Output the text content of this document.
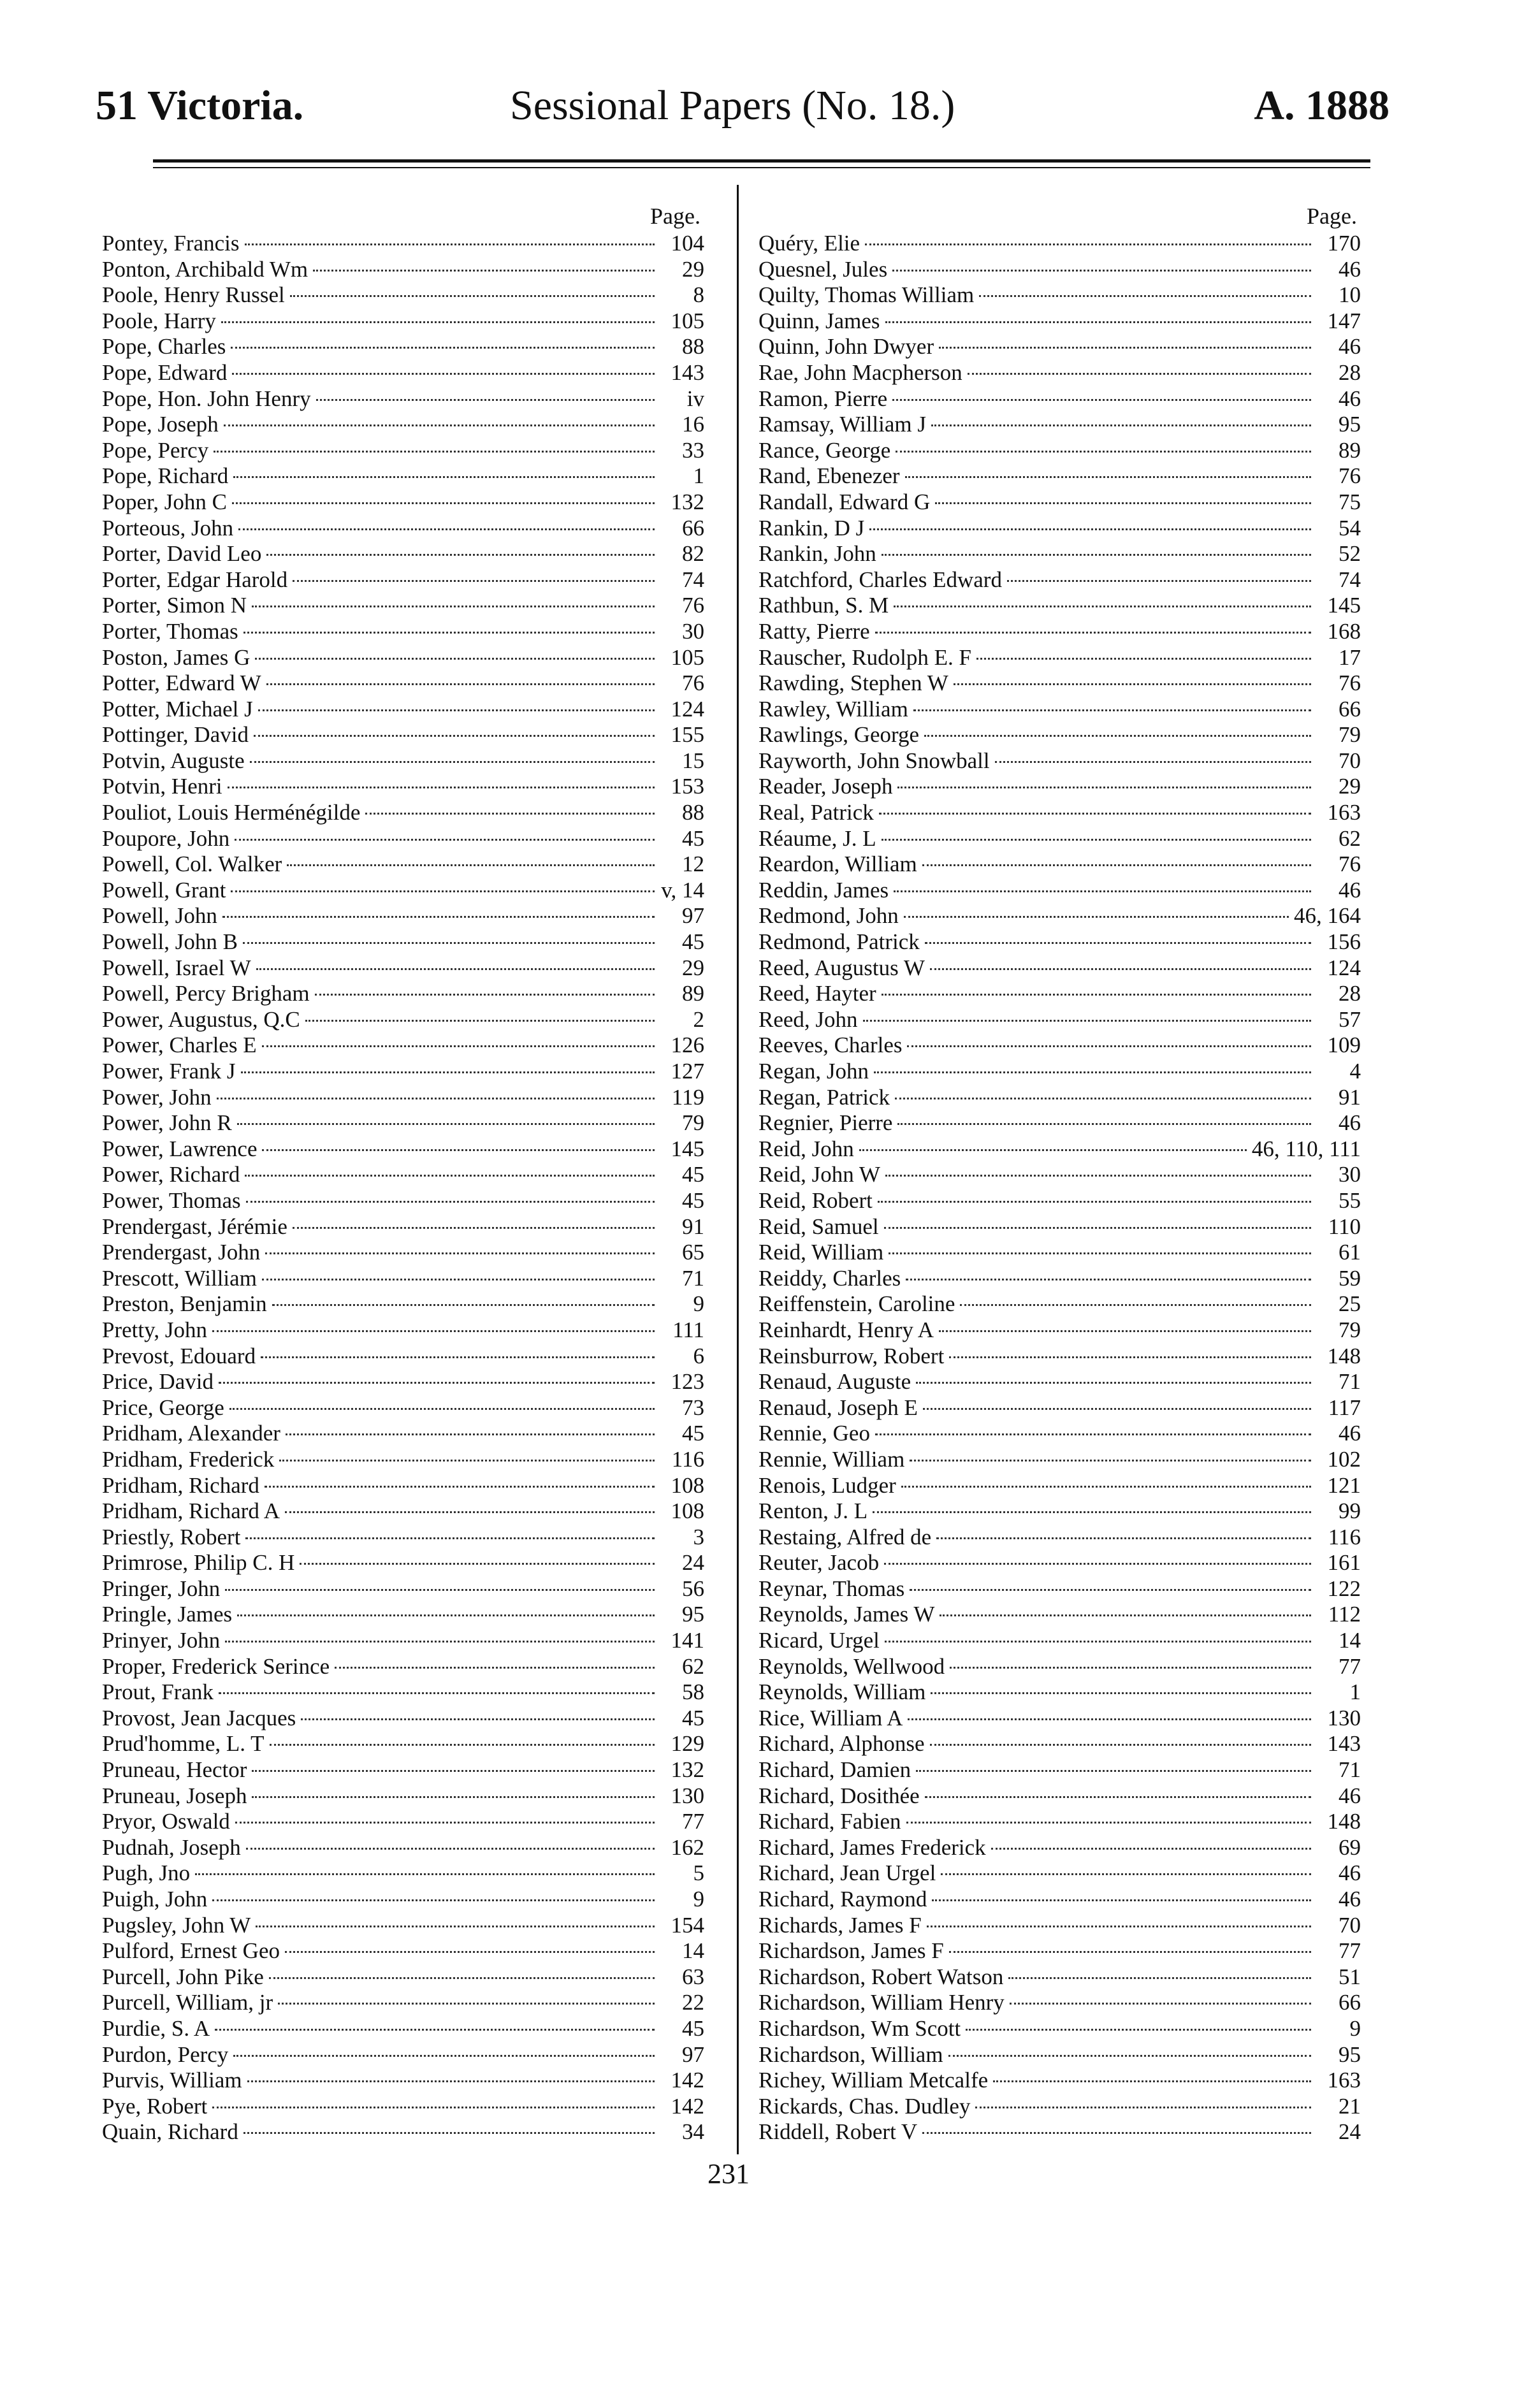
51 Victoria.	Sessional Papers (No. 18.)	A. 1888
Page.
Pontey, Francis	104
Ponton, Archibald Wm	29
Poole, Henry Russel	8
Poole, Harry	105
Pope, Charles	88
Pope, Edward	143
Pope, Hon. John Henry	iv
Pope, Joseph	16
Pope, Percy	33
Pope, Richard	1
Poper, John C	132
Porteous, John	66
Porter, David Leo	82
Porter, Edgar Harold	74
Porter, Simon N	76
Porter, Thomas	30
Poston, James G	105
Potter, Edward W	76
Potter, Michael J	124
Pottinger, David	155
Potvin, Auguste	15
Potvin, Henri	153
Pouliot, Louis Herménégilde	88
Poupore, John	45
Powell, Col. Walker	12
Powell, Grant	v, 14
Powell, John	97
Powell, John B	45
Powell, Israel W	29
Powell, Percy Brigham	89
Power, Augustus, Q.C	2
Power, Charles E	126
Power, Frank J	127
Power, John	119
Power, John R	79
Power, Lawrence	145
Power, Richard	45
Power, Thomas	45
Prendergast, Jérémie	91
Prendergast, John	65
Prescott, William	71
Preston, Benjamin	9
Pretty, John	111
Prevost, Edouard	6
Price, David	123
Price, George	73
Pridham, Alexander	45
Pridham, Frederick	116
Pridham, Richard	108
Pridham, Richard A	108
Priestly, Robert	3
Primrose, Philip C. H	24
Pringer, John	56
Pringle, James	95
Prinyer, John	141
Proper, Frederick Serince	62
Prout, Frank	58
Provost, Jean Jacques	45
Prud'homme, L. T	129
Pruneau, Hector	132
Pruneau, Joseph	130
Pryor, Oswald	77
Pudnah, Joseph	162
Pugh, Jno	5
Puigh, John	9
Pugsley, John W	154
Pulford, Ernest Geo	14
Purcell, John Pike	63
Purcell, William, jr	22
Purdie, S. A	45
Purdon, Percy	97
Purvis, William	142
Pye, Robert	142
Quain, Richard	34
Page.
Quéry, Elie	170
Quesnel, Jules	46
Quilty, Thomas William	10
Quinn, James	147
Quinn, John Dwyer	46
Rae, John Macpherson	28
Ramon, Pierre	46
Ramsay, William J	95
Rance, George	89
Rand, Ebenezer	76
Randall, Edward G	75
Rankin, D J	54
Rankin, John	52
Ratchford, Charles Edward	74
Rathbun, S. M	145
Ratty, Pierre	168
Rauscher, Rudolph E. F	17
Rawding, Stephen W	76
Rawley, William	66
Rawlings, George	79
Rayworth, John Snowball	70
Reader, Joseph	29
Real, Patrick	163
Réaume, J. L	62
Reardon, William	76
Reddin, James	46
Redmond, John	46, 164
Redmond, Patrick	156
Reed, Augustus W	124
Reed, Hayter	28
Reed, John	57
Reeves, Charles	109
Regan, John	4
Regan, Patrick	91
Regnier, Pierre	46
Reid, John	46, 110, 111
Reid, John W	30
Reid, Robert	55
Reid, Samuel	110
Reid, William	61
Reiddy, Charles	59
Reiffenstein, Caroline	25
Reinhardt, Henry A	79
Reinsburrow, Robert	148
Renaud, Auguste	71
Renaud, Joseph E	117
Rennie, Geo	46
Rennie, William	102
Renois, Ludger	121
Renton, J. L	99
Restaing, Alfred de	116
Reuter, Jacob	161
Reynar, Thomas	122
Reynolds, James W	112
Ricard, Urgel	14
Reynolds, Wellwood	77
Reynolds, William	1
Rice, William A	130
Richard, Alphonse	143
Richard, Damien	71
Richard, Dosithée	46
Richard, Fabien	148
Richard, James Frederick	69
Richard, Jean Urgel	46
Richard, Raymond	46
Richards, James F	70
Richardson, James F	77
Richardson, Robert Watson	51
Richardson, William Henry	66
Richardson, Wm Scott	9
Richardson, William	95
Richey, William Metcalfe	163
Rickards, Chas. Dudley	21
Riddell, Robert V	24
231
